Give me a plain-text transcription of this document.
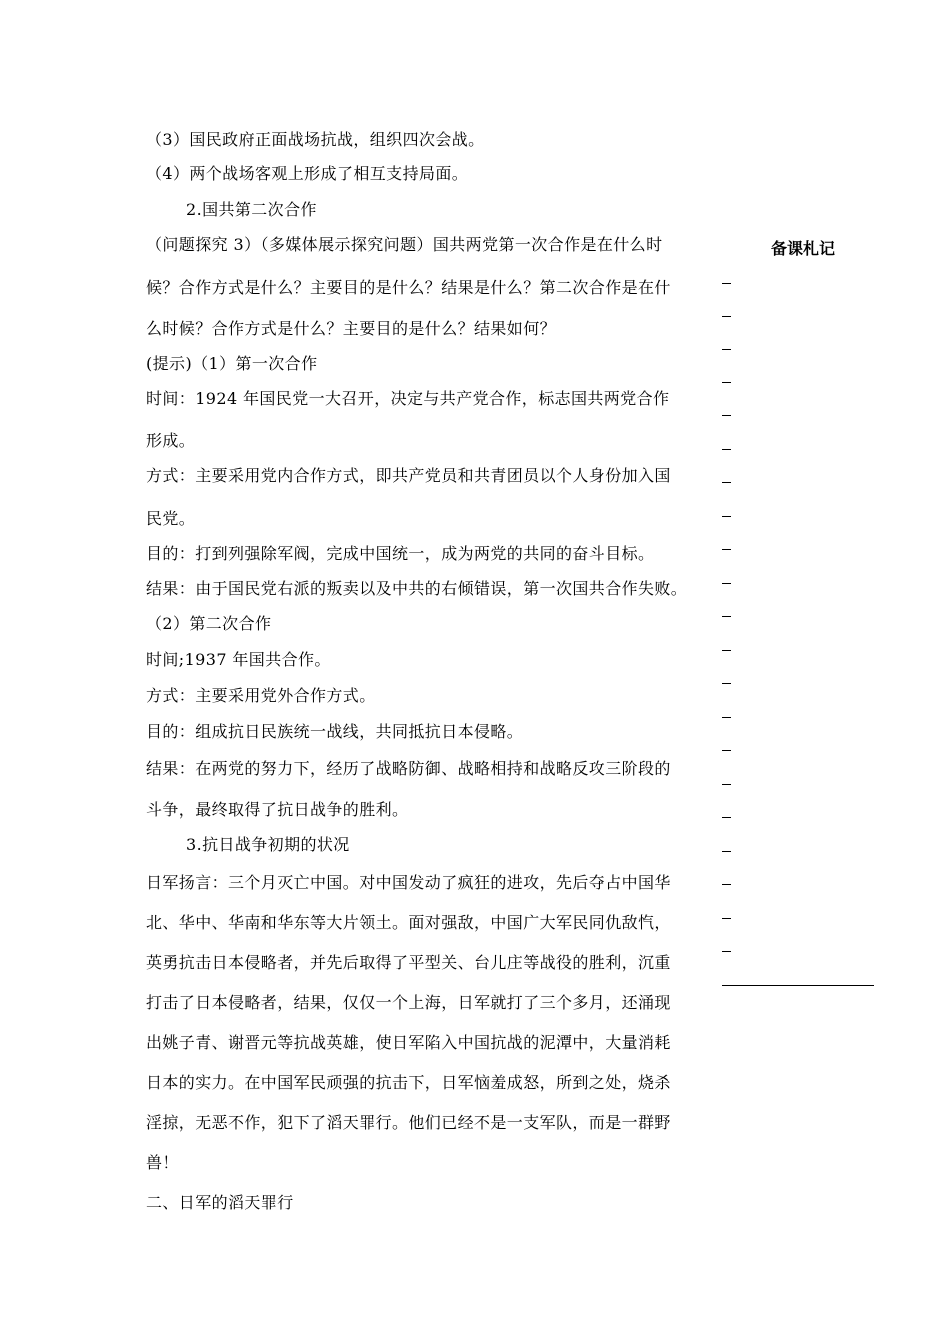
（3）国民政府正面战场抗战，组织四次会战。
（4）两个战场客观上形成了相互支持局面。
2.国共第二次合作
（问题探究 3）（多媒体展示探究问题）国共两党第一次合作是在什么时
候？合作方式是什么？主要目的是什么？结果是什么？第二次合作是在什
么时候？合作方式是什么？主要目的是什么？结果如何？
(提示)（1）第一次合作
时间：1924 年国民党一大召开，决定与共产党合作，标志国共两党合作
形成。
方式：主要采用党内合作方式，即共产党员和共青团员以个人身份加入国
民党。
目的：打到列强除军阀，完成中国统一，成为两党的共同的奋斗目标。
结果：由于国民党右派的叛卖以及中共的右倾错误，第一次国共合作失败。
（2）第二次合作
时间;1937 年国共合作。
方式：主要采用党外合作方式。
目的：组成抗日民族统一战线，共同抵抗日本侵略。
结果：在两党的努力下，经历了战略防御、战略相持和战略反攻三阶段的
斗争，最终取得了抗日战争的胜利。
3.抗日战争初期的状况
日军扬言：三个月灭亡中国。对中国发动了疯狂的进攻，先后夺占中国华
北、华中、华南和华东等大片领土。面对强敌，中国广大军民同仇敌忾，
英勇抗击日本侵略者，并先后取得了平型关、台儿庄等战役的胜利，沉重
打击了日本侵略者，结果，仅仅一个上海，日军就打了三个多月，还涌现
出姚子青、谢晋元等抗战英雄，使日军陷入中国抗战的泥潭中，大量消耗
日本的实力。在中国军民顽强的抗击下，日军恼羞成怒，所到之处，烧杀
淫掠，无恶不作，犯下了滔天罪行。他们已经不是一支军队，而是一群野
兽！
二、日军的滔天罪行
备课札记
